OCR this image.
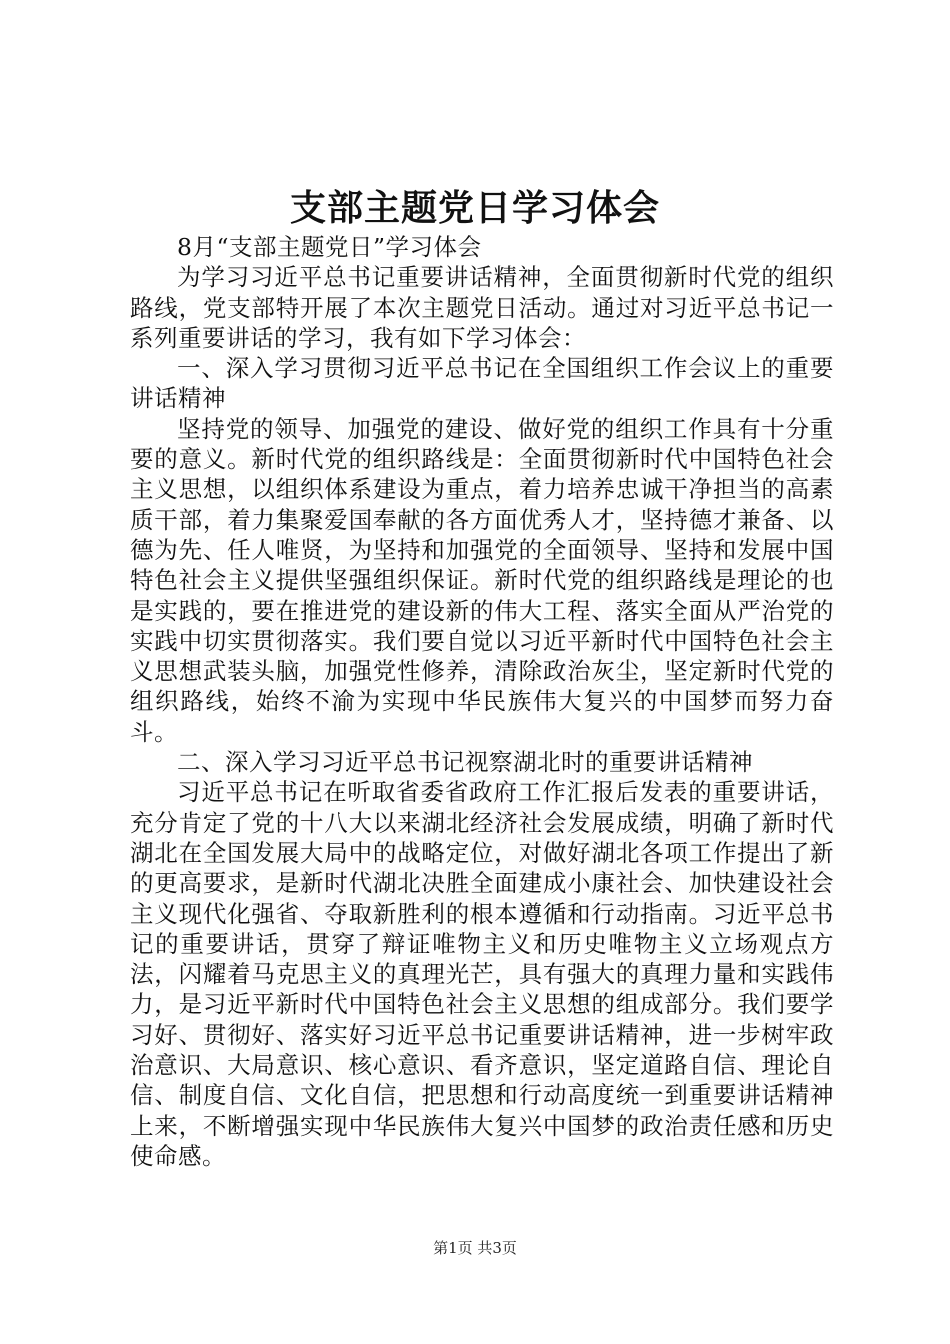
支部主题党日学习体会

8月“支部主题党日”学习体会

为学习习近平总书记重要讲话精神，全面贯彻新时代党的组织路线，党支部特开展了本次主题党日活动。通过对习近平总书记一系列重要讲话的学习，我有如下学习体会：

一、深入学习贯彻习近平总书记在全国组织工作会议上的重要讲话精神

坚持党的领导、加强党的建设、做好党的组织工作具有十分重要的意义。新时代党的组织路线是：全面贯彻新时代中国特色社会主义思想，以组织体系建设为重点，着力培养忠诚干净担当的高素质干部，着力集聚爱国奉献的各方面优秀人才，坚持德才兼备、以德为先、任人唯贤，为坚持和加强党的全面领导、坚持和发展中国特色社会主义提供坚强组织保证。新时代党的组织路线是理论的也是实践的，要在推进党的建设新的伟大工程、落实全面从严治党的实践中切实贯彻落实。我们要自觉以习近平新时代中国特色社会主义思想武装头脑，加强党性修养，清除政治灰尘，坚定新时代党的组织路线，始终不渝为实现中华民族伟大复兴的中国梦而努力奋斗。

二、深入学习习近平总书记视察湖北时的重要讲话精神

习近平总书记在听取省委省政府工作汇报后发表的重要讲话，充分肯定了党的十八大以来湖北经济社会发展成绩，明确了新时代湖北在全国发展大局中的战略定位，对做好湖北各项工作提出了新的更高要求，是新时代湖北决胜全面建成小康社会、加快建设社会主义现代化强省、夺取新胜利的根本遵循和行动指南。习近平总书记的重要讲话，贯穿了辩证唯物主义和历史唯物主义立场观点方法，闪耀着马克思主义的真理光芒，具有强大的真理力量和实践伟力，是习近平新时代中国特色社会主义思想的组成部分。我们要学习好、贯彻好、落实好习近平总书记重要讲话精神，进一步树牢政治意识、大局意识、核心意识、看齐意识，坚定道路自信、理论自信、制度自信、文化自信，把思想和行动高度统一到重要讲话精神上来，不断增强实现中华民族伟大复兴中国梦的政治责任感和历史使命感。

第1页 共3页
